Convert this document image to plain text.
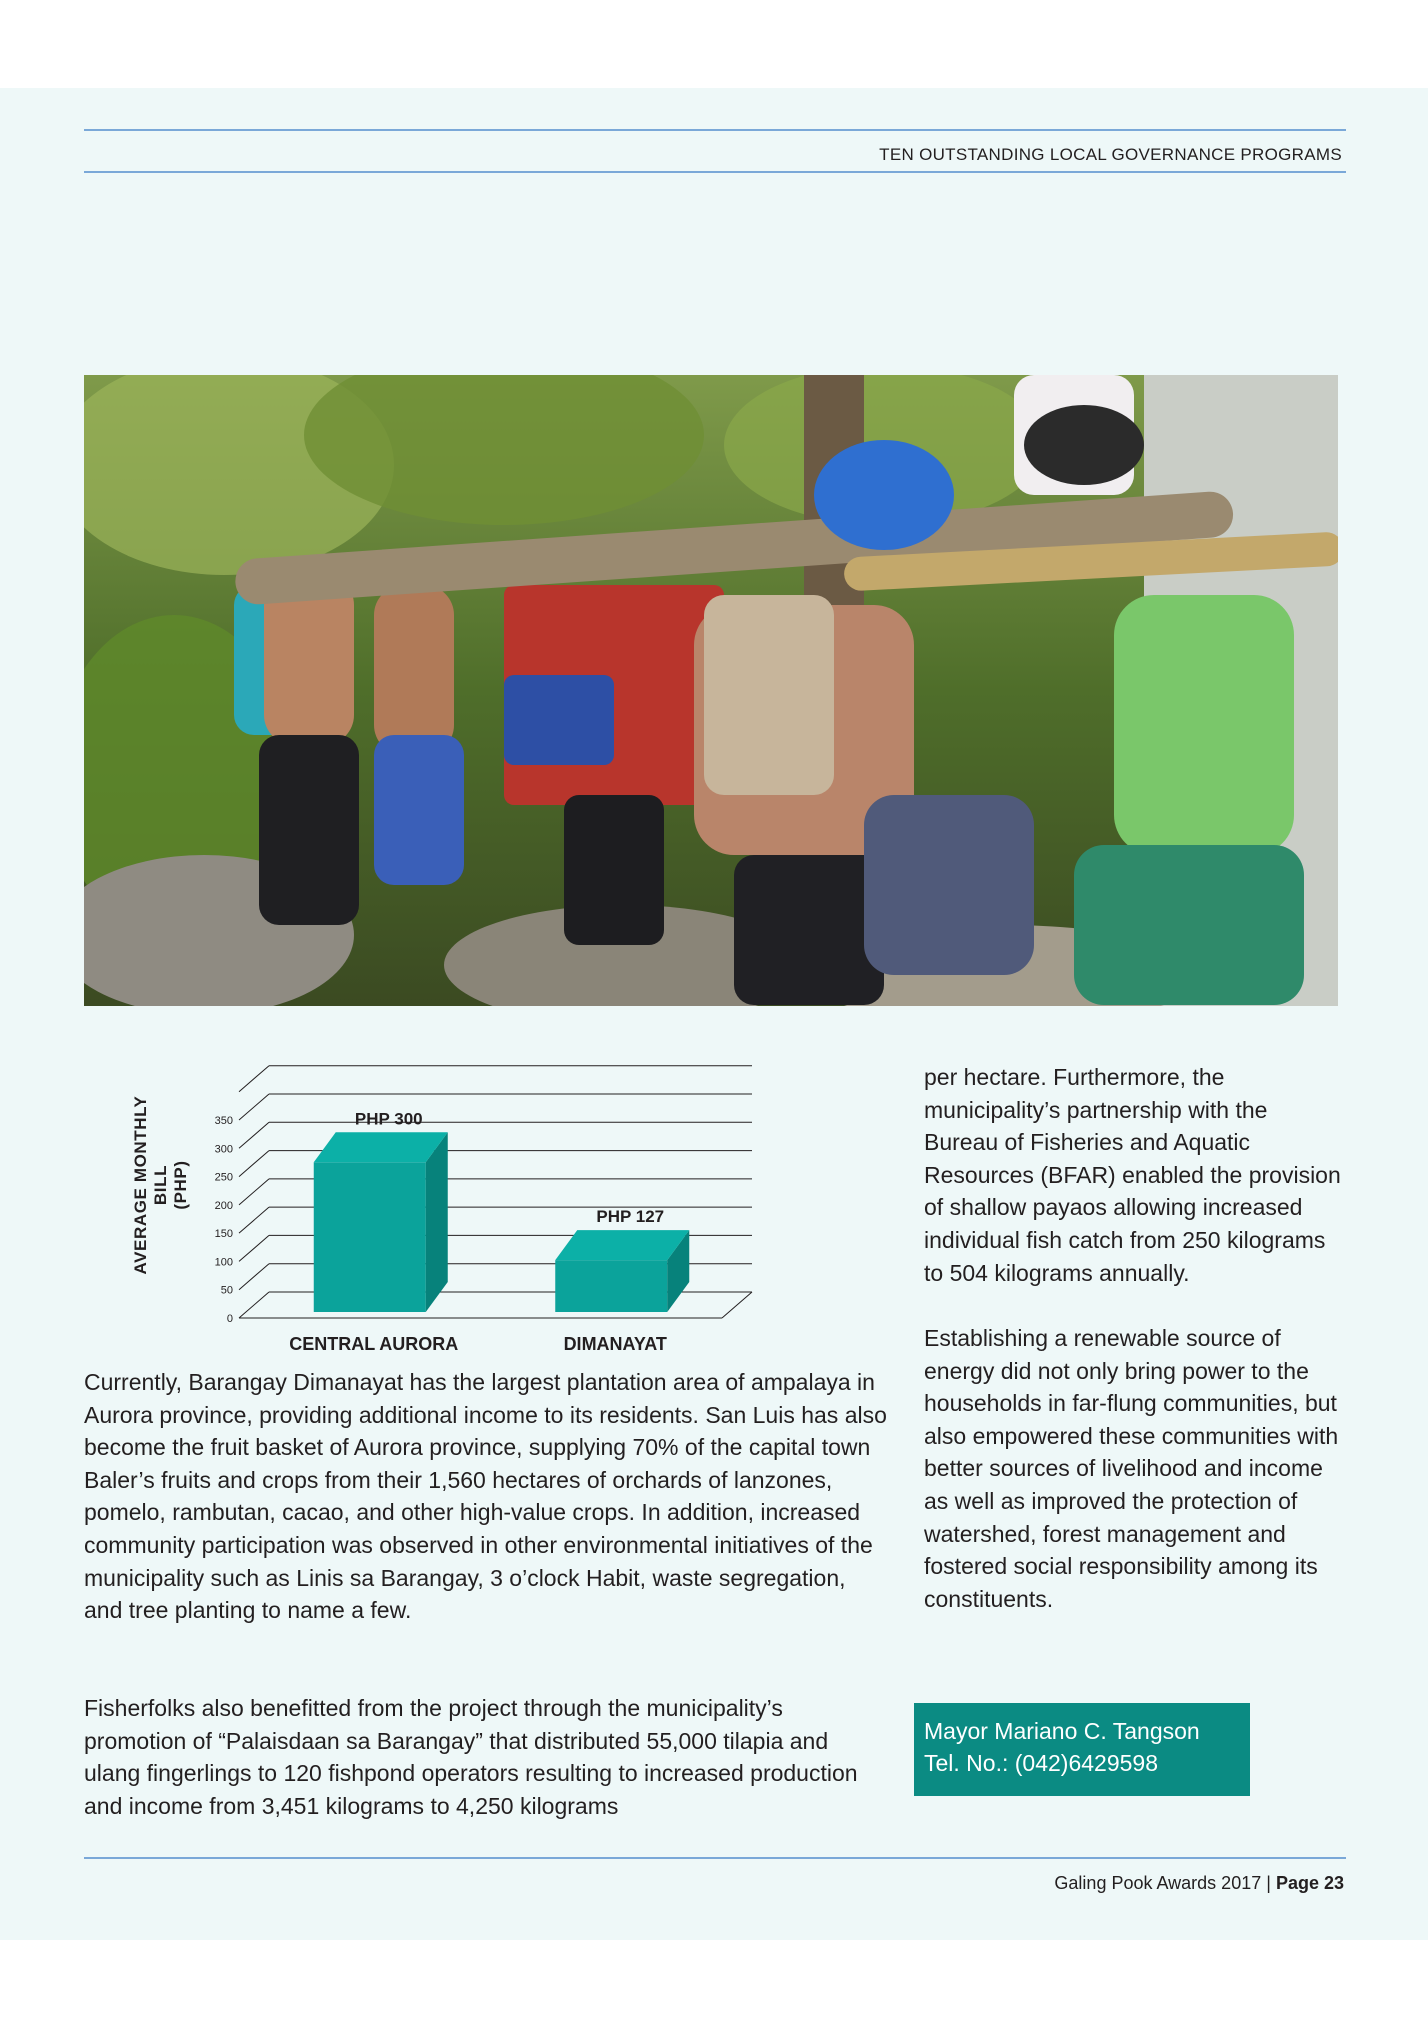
TEN OUTSTANDING LOCAL GOVERNANCE PROGRAMS
AVERAGE MONTHLY BILL (PHP)
0
50
100
150
200
250
300
350	PHP 300
PHP 127
CENTRAL AURORA	DIMANAYAT

Currently, Barangay Dimanayat has the largest plantation area of ampalaya in Aurora province, providing additional income to its residents. San Luis has also become the fruit basket of Aurora province, supplying 70% of the capital town Baler’s fruits and crops from their 1,560 hectares of orchards of lanzones, pomelo, rambutan, cacao, and other high-value crops. In addition, increased community participation was observed in other environmental initiatives of the municipality such as Linis sa Barangay, 3 o’clock Habit, waste segregation, and tree planting to name a few.

Fisherfolks also benefitted from the project through the municipality’s promotion of “Palaisdaan sa Barangay” that distributed 55,000 tilapia and ulang fingerlings to 120 fishpond operators resulting to increased production and income from 3,451 kilograms to 4,250 kilograms

per hectare. Furthermore, the municipality’s partnership with the Bureau of Fisheries and Aquatic Resources (BFAR) enabled the provision of shallow payaos allowing increased individual fish catch from 250 kilograms to 504 kilograms annually.

Establishing a renewable source of energy did not only bring power to the households in far-flung communities, but also empowered these communities with better sources of livelihood and income as well as improved the protection of watershed, forest management and fostered social responsibility among its constituents.

Mayor Mariano C. Tangson
Tel. No.: (042)6429598
Galing Pook Awards 2017 | Page 23
